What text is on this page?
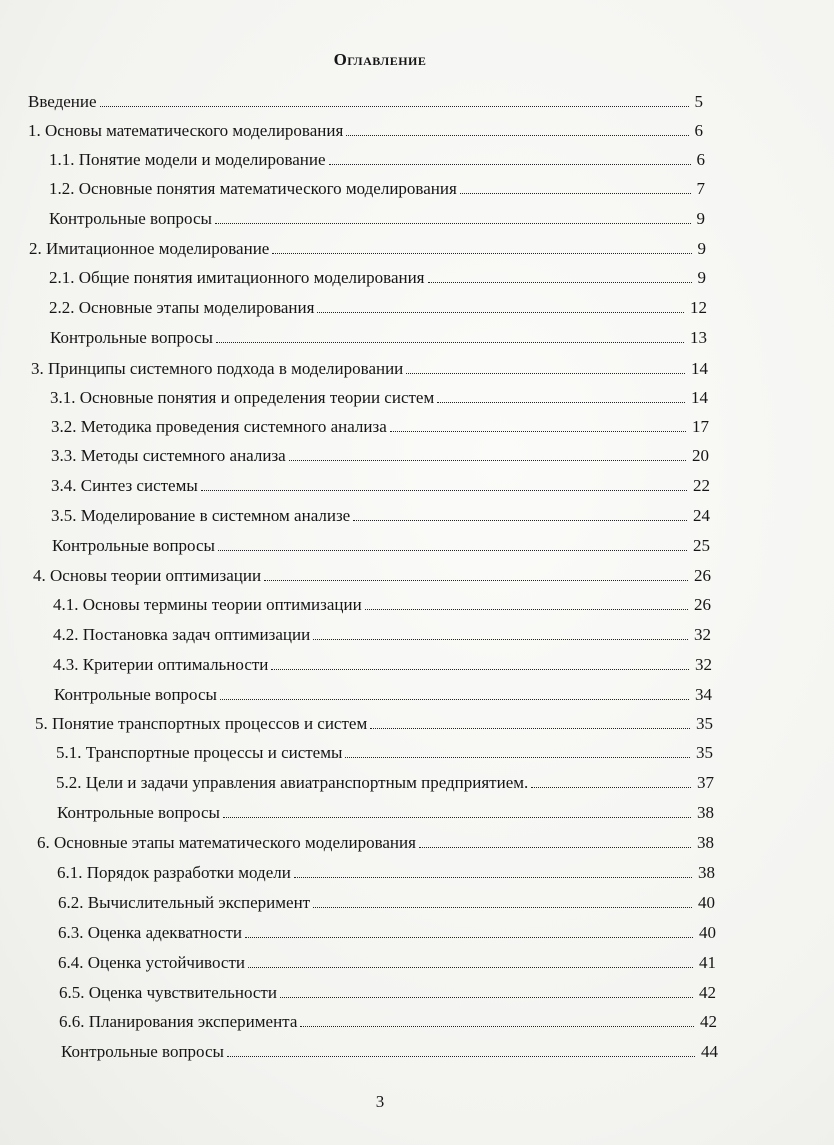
Оглавление
Введение	5
1. Основы математического моделирования	6
1.1. Понятие модели и моделирование	6
1.2. Основные понятия математического моделирования	7
Контрольные вопросы	9
2. Имитационное моделирование	9
2.1. Общие понятия имитационного моделирования	9
2.2. Основные этапы моделирования	12
Контрольные вопросы	13
3. Принципы системного подхода в моделировании	14
3.1. Основные понятия и определения теории систем	14
3.2. Методика проведения системного анализа	17
3.3. Методы системного анализа	20
3.4. Синтез системы	22
3.5. Моделирование в системном анализе	24
Контрольные вопросы	25
4. Основы теории оптимизации	26
4.1. Основы термины теории оптимизации	26
4.2. Постановка задач оптимизации	32
4.3. Критерии оптимальности	32
Контрольные вопросы	34
5. Понятие транспортных процессов и систем	35
5.1. Транспортные процессы и системы	35
5.2. Цели и задачи управления авиатранспортным предприятием.	37
Контрольные вопросы	38
6. Основные этапы математического моделирования	38
6.1. Порядок разработки модели	38
6.2. Вычислительный эксперимент	40
6.3. Оценка адекватности	40
6.4. Оценка устойчивости	41
6.5. Оценка чувствительности	42
6.6. Планирования эксперимента	42
Контрольные вопросы	44
3
